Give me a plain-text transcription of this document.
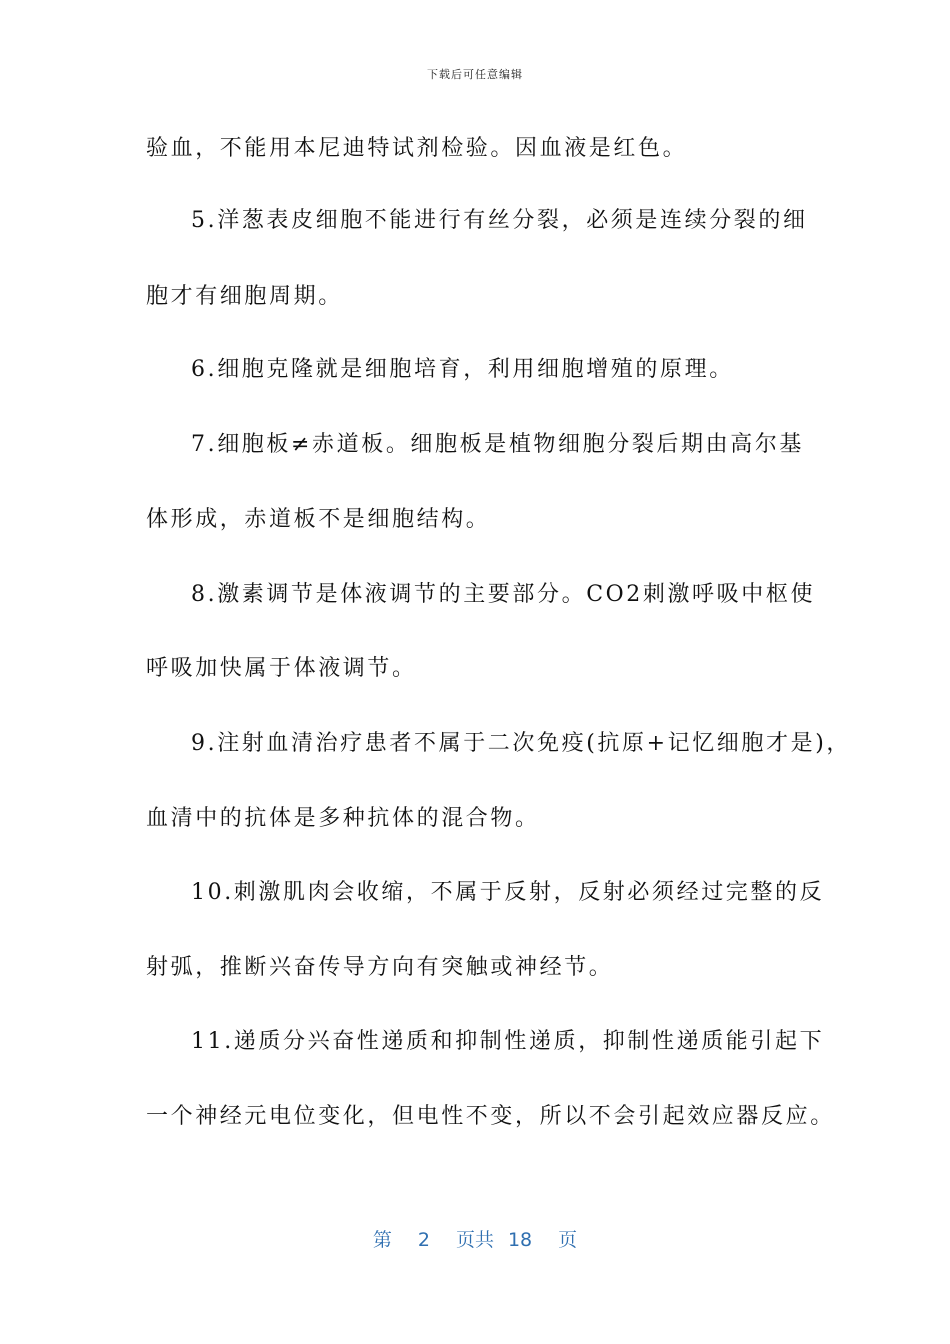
下载后可任意编辑
验血，不能用本尼迪特试剂检验。因血液是红色。
5.洋葱表皮细胞不能进行有丝分裂，必须是连续分裂的细
胞才有细胞周期。
6.细胞克隆就是细胞培育，利用细胞增殖的原理。
7.细胞板≠赤道板。细胞板是植物细胞分裂后期由高尔基
体形成，赤道板不是细胞结构。
8.激素调节是体液调节的主要部分。CO2刺激呼吸中枢使
呼吸加快属于体液调节。
9.注射血清治疗患者不属于二次免疫(抗原+记忆细胞才是)，
血清中的抗体是多种抗体的混合物。
10.刺激肌肉会收缩，不属于反射，反射必须经过完整的反
射弧，推断兴奋传导方向有突触或神经节。
11.递质分兴奋性递质和抑制性递质，抑制性递质能引起下
一个神经元电位变化，但电性不变，所以不会引起效应器反应。
第 2 页共 18 页
